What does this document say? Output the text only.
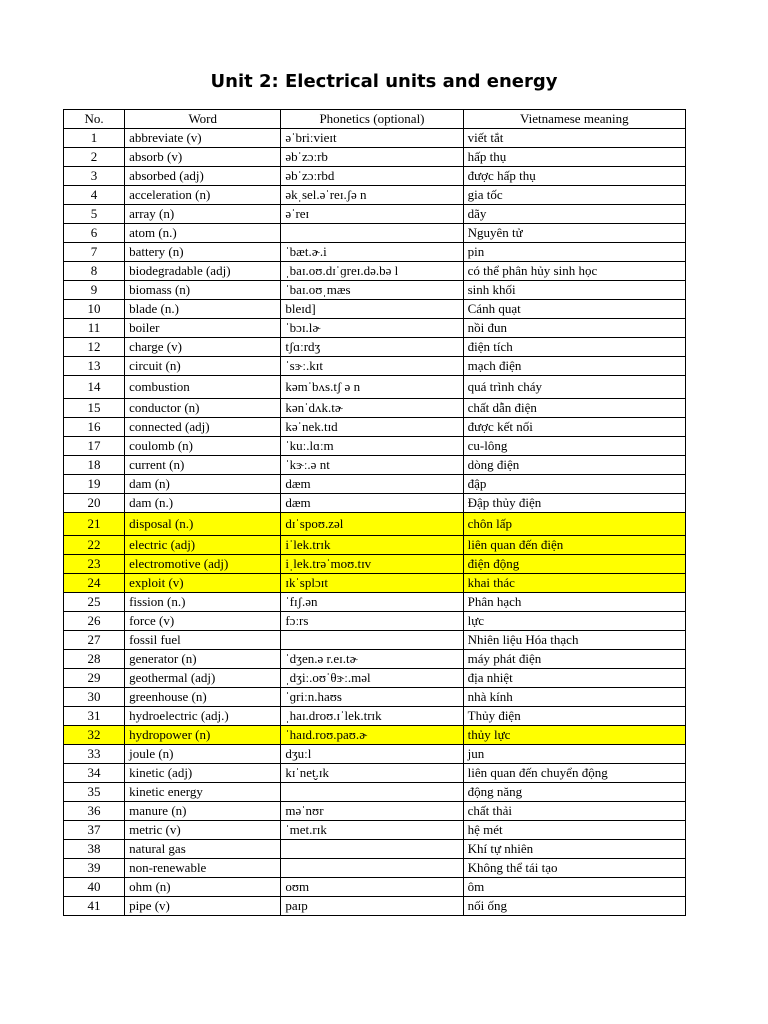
Unit 2: Electrical units and energy
No.	Word	Phonetics (optional)	Vietnamese meaning
1	abbreviate (v)	əˈbriːvieɪt	viết tắt
2	absorb (v)	əbˈzɔːrb	hấp thụ
3	absorbed (adj)	əbˈzɔːrbd	được hấp thụ
4	acceleration (n)	əkˌsel.əˈreɪ.ʃə n	gia tốc
5	array (n)	əˈreɪ	dãy
6	atom (n.)		Nguyên tử
7	battery (n)	ˈbæt.ɚ.i	pin
8	biodegradable (adj)	ˌbaɪ.oʊ.dɪˈɡreɪ.də.bə l	có thể phân hủy sinh học
9	biomass (n)	ˈbaɪ.oʊˌmæs	sinh khối
10	blade (n.)	bleɪd]	Cánh quạt
11	boiler	ˈbɔɪ.lɚ	nồi đun
12	charge (v)	tʃɑːrdʒ	điện tích
13	circuit (n)	ˈsɝː.kɪt	mạch điện
14	combustion	kəmˈbʌs.tʃ ə n	quá trình cháy
15	conductor (n)	kənˈdʌk.tɚ	chất dẫn điện
16	connected (adj)	kəˈnek.tɪd	được kết nối
17	coulomb (n)	ˈkuː.lɑːm	cu-lông
18	current (n)	ˈkɝː.ə nt	dòng điện
19	dam (n)	dæm	đập
20	dam (n.)	dæm	Đập thủy điện
21	disposal (n.)	dɪˈspoʊ.zəl	chôn lấp
22	electric (adj)	iˈlek.trɪk	liên quan đến điện
23	electromotive (adj)	iˌlek.trəˈmoʊ.tɪv	điện động
24	exploit (v)	ɪkˈsplɔɪt	khai thác
25	fission (n.)	ˈfɪʃ.ən	Phân hạch
26	force (v)	fɔːrs	lực
27	fossil fuel		Nhiên liệu Hóa thạch
28	generator (n)	ˈdʒen.ə r.eɪ.tɚ	máy phát điện
29	geothermal (adj)	ˌdʒiː.oʊˈθɝː.məl	địa nhiệt
30	greenhouse (n)	ˈɡriːn.haʊs	nhà kính
31	hydroelectric (adj.)	ˌhaɪ.droʊ.ɪˈlek.trɪk	Thủy điện
32	hydropower (n)	ˈhaɪd.roʊ.paʊ.ɚ	thủy lực
33	joule (n)	dʒuːl	jun
34	kinetic (adj)	kɪˈnet̬.ɪk	liên quan đến chuyển động
35	kinetic energy		động năng
36	manure (n)	məˈnʊr	chất thải
37	metric (v)	ˈmet.rɪk	hệ mét
38	natural gas		Khí tự nhiên
39	non-renewable		Không thể tái tạo
40	ohm (n)	oʊm	ôm
41	pipe (v)	paɪp	nối ống
